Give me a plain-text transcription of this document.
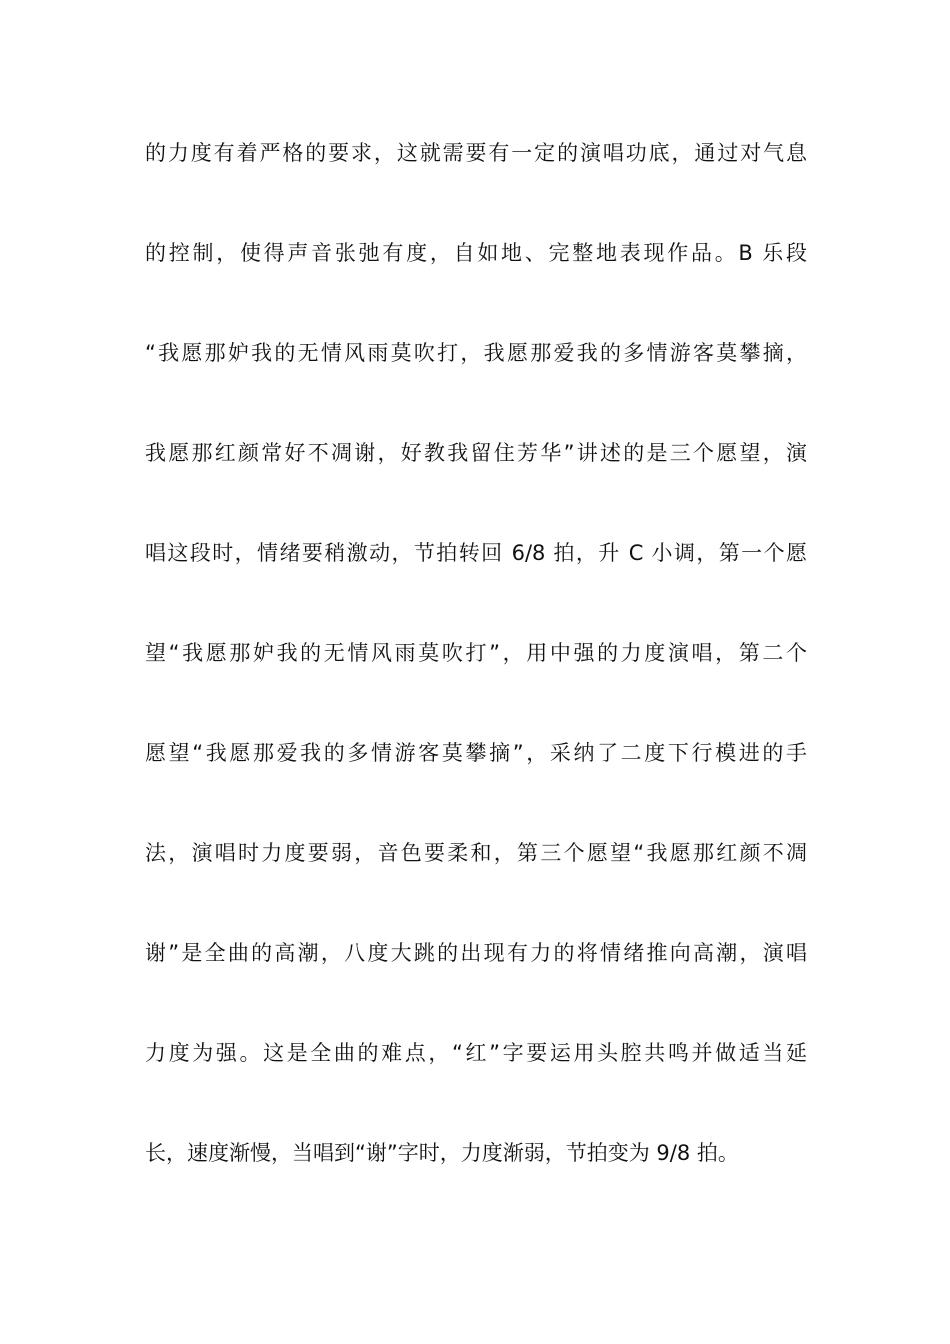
的力度有着严格的要求，这就需要有一定的演唱功底，通过对气息
的控制，使得声音张弛有度，自如地、完整地表现作品。B 乐段
“我愿那妒我的无情风雨莫吹打，我愿那爱我的多情游客莫攀摘，
我愿那红颜常好不凋谢，好教我留住芳华”讲述的是三个愿望，演
唱这段时，情绪要稍激动，节拍转回 6/8 拍，升 C 小调，第一个愿
望“我愿那妒我的无情风雨莫吹打”，用中强的力度演唱，第二个
愿望“我愿那爱我的多情游客莫攀摘”，采纳了二度下行模进的手
法，演唱时力度要弱，音色要柔和，第三个愿望“我愿那红颜不凋
谢”是全曲的高潮，八度大跳的出现有力的将情绪推向高潮，演唱
力度为强。这是全曲的难点，“红”字要运用头腔共鸣并做适当延
长，速度渐慢，当唱到“谢”字时，力度渐弱，节拍变为 9/8 拍。
